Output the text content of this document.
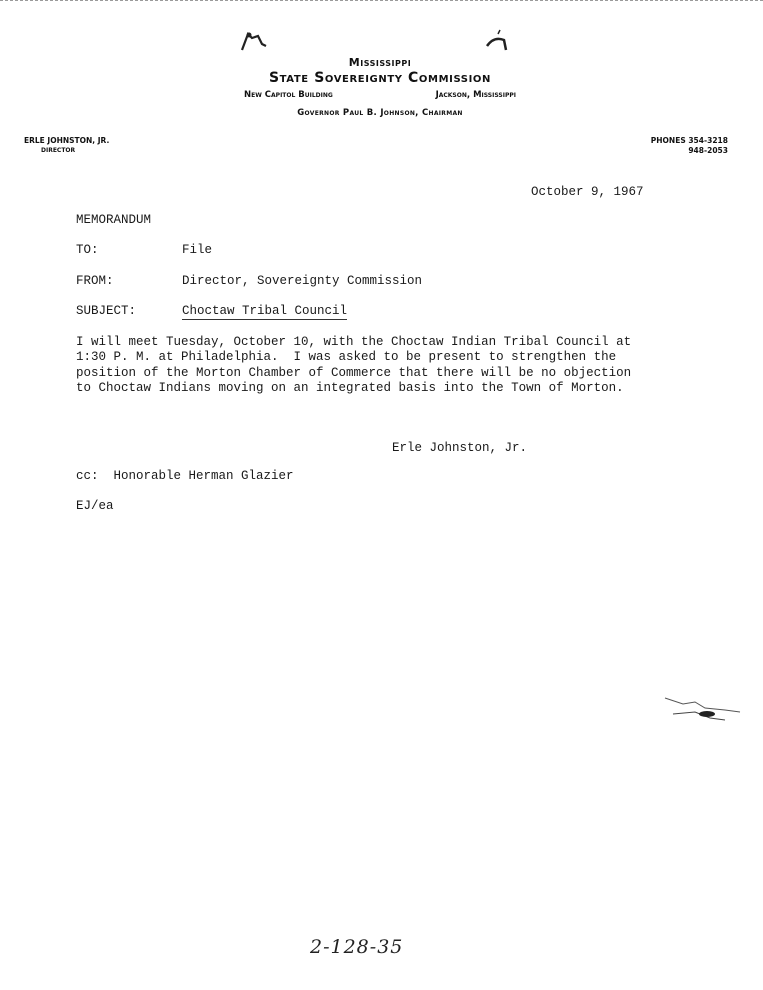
Mississippi
State Sovereignty Commission
New Capitol Building	Jackson, Mississippi
Governor Paul B. Johnson, Chairman
ERLE JOHNSTON, JR.
DIRECTOR
PHONES 354-3218
948-2053
October 9, 1967
MEMORANDUM
TO:	File
FROM:	Director, Sovereignty Commission
SUBJECT:	Choctaw Tribal Council
I will meet Tuesday, October 10, with the Choctaw Indian Tribal Council at
1:30 P. M. at Philadelphia.  I was asked to be present to strengthen the
position of the Morton Chamber of Commerce that there will be no objection
to Choctaw Indians moving on an integrated basis into the Town of Morton.
Erle Johnston, Jr.
cc:  Honorable Herman Glazier
EJ/ea
2-128-35
